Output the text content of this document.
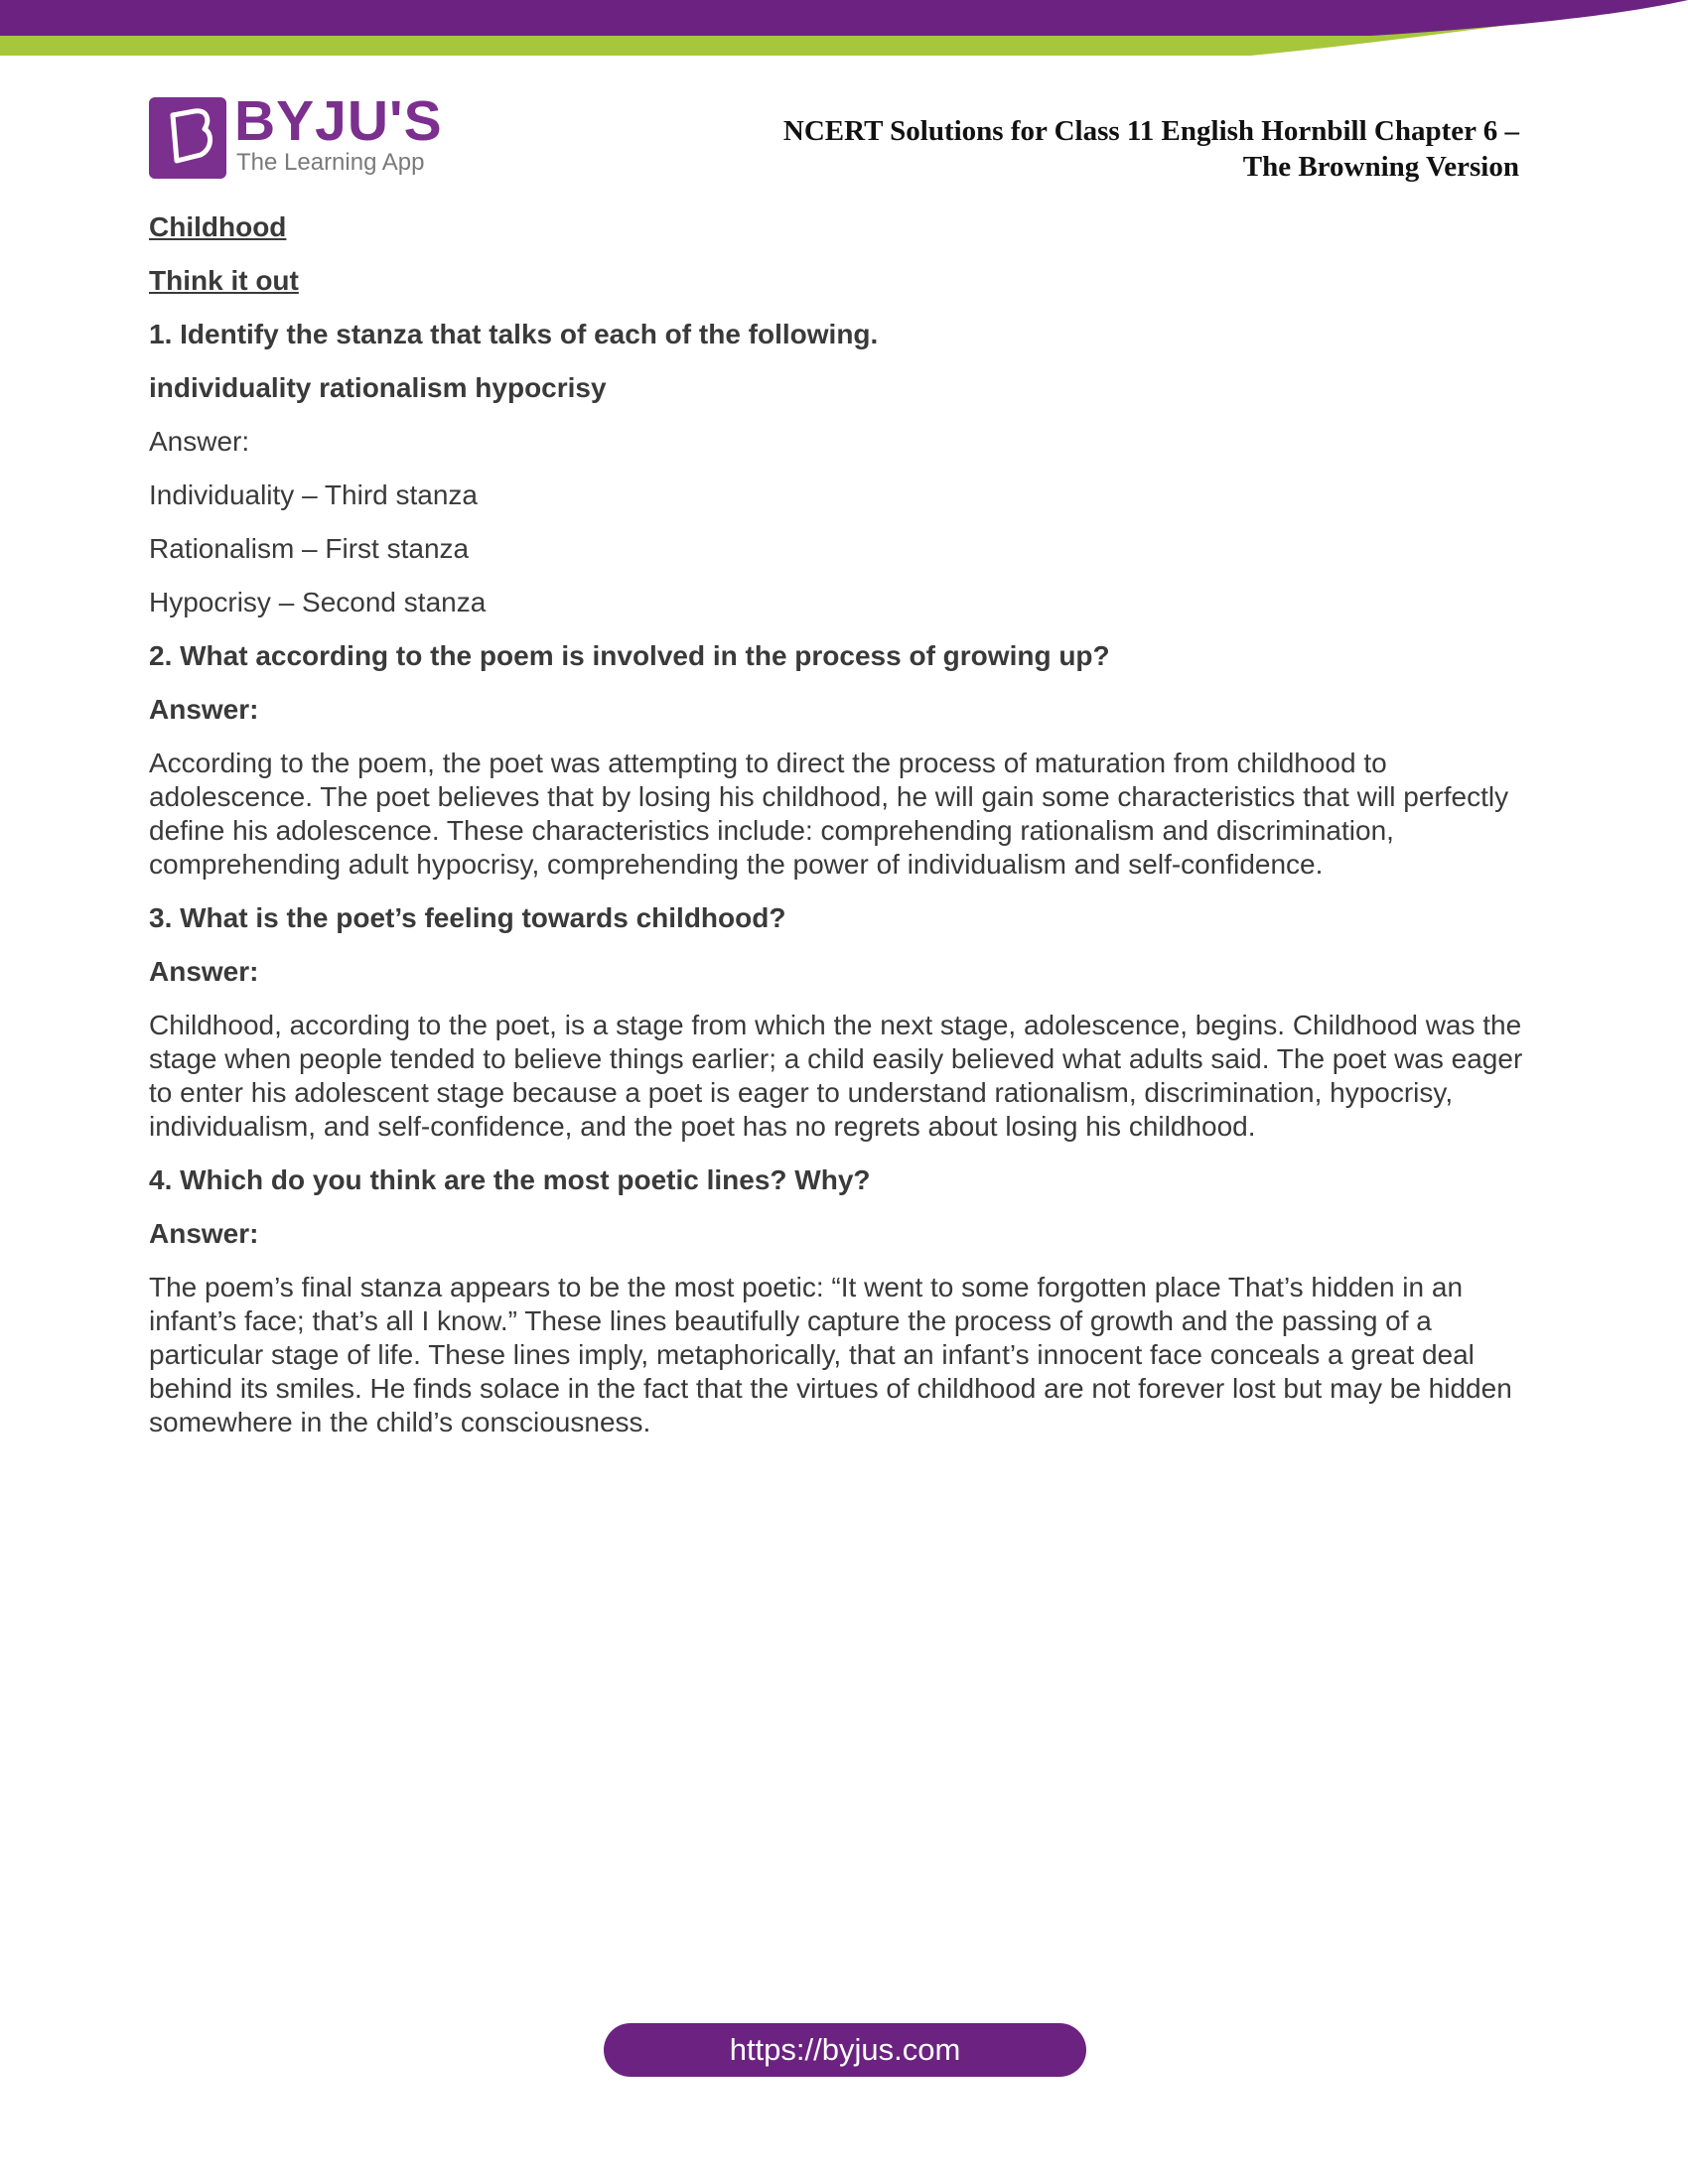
BYJU'S
The Learning App
NCERT Solutions for Class 11 English Hornbill Chapter 6 –
The Browning Version

Childhood

Think it out

1. Identify the stanza that talks of each of the following.

individuality rationalism hypocrisy

Answer:

Individuality – Third stanza

Rationalism – First stanza

Hypocrisy – Second stanza

2. What according to the poem is involved in the process of growing up?

Answer:

According to the poem, the poet was attempting to direct the process of maturation from childhood to adolescence. The poet believes that by losing his childhood, he will gain some characteristics that will perfectly define his adolescence. These characteristics include: comprehending rationalism and discrimination, comprehending adult hypocrisy, comprehending the power of individualism and self-confidence.

3. What is the poet’s feeling towards childhood?

Answer:

Childhood, according to the poet, is a stage from which the next stage, adolescence, begins. Childhood was the stage when people tended to believe things earlier; a child easily believed what adults said. The poet was eager to enter his adolescent stage because a poet is eager to understand rationalism, discrimination, hypocrisy, individualism, and self-confidence, and the poet has no regrets about losing his childhood.

4. Which do you think are the most poetic lines? Why?

Answer:

The poem’s final stanza appears to be the most poetic: “It went to some forgotten place That’s hidden in an infant’s face; that’s all I know.” These lines beautifully capture the process of growth and the passing of a particular stage of life. These lines imply, metaphorically, that an infant’s innocent face conceals a great deal behind its smiles. He finds solace in the fact that the virtues of childhood are not forever lost but may be hidden somewhere in the child’s consciousness.

https://byjus.com
